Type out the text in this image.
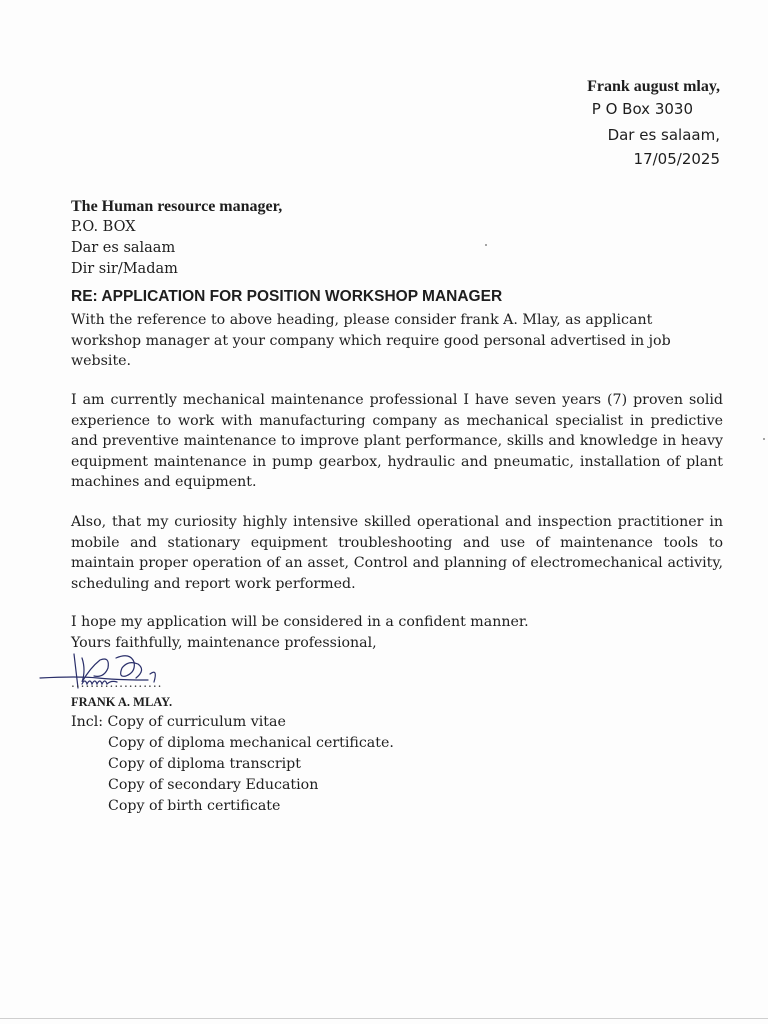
Frank august mlay,
P O Box 3030
Dar es salaam,
17/05/2025
The Human resource manager,
P.O. BOX
Dar es salaam
Dir sir/Madam
RE: APPLICATION FOR POSITION WORKSHOP MANAGER
With the reference to above heading, please consider frank A. Mlay, as applicant workshop manager at your company which require good personal advertised in job website.
I am currently mechanical maintenance professional I have seven years (7) proven solid experience to work with manufacturing company as mechanical specialist in predictive and preventive maintenance to improve plant performance, skills and knowledge in heavy equipment maintenance in pump gearbox, hydraulic and pneumatic, installation of plant machines and equipment.
Also, that my curiosity highly intensive skilled operational and inspection practitioner in mobile and stationary equipment troubleshooting and use of maintenance tools to maintain proper operation of an asset, Control and planning of electromechanical activity, scheduling and report work performed.
I hope my application will be considered in a confident manner.
Yours faithfully, maintenance professional,
...................
FRANK A. MLAY.
Incl: Copy of curriculum vitae
Copy of diploma mechanical certificate.
Copy of diploma transcript
Copy of secondary Education
Copy of birth certificate
